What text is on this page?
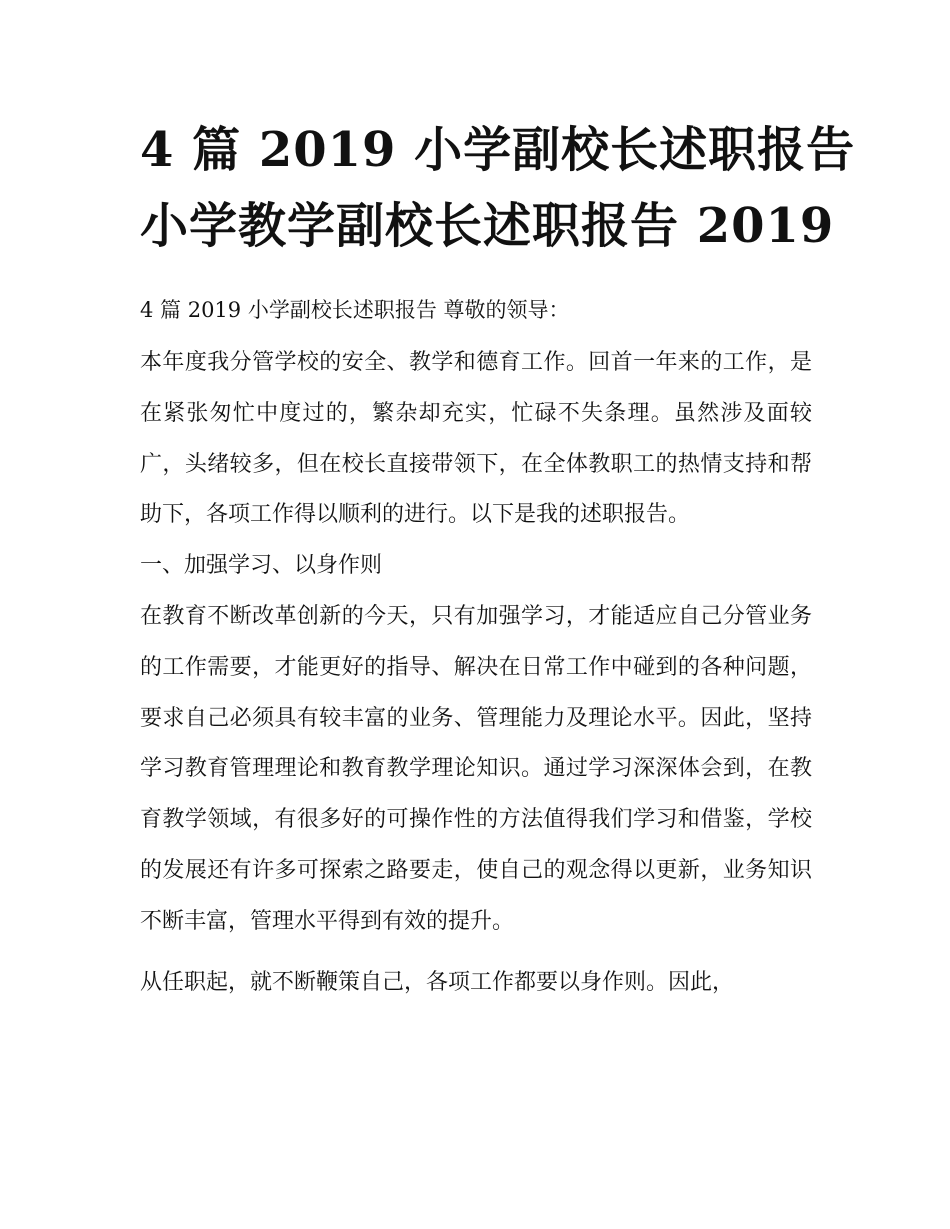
4 篇 2019 小学副校长述职报告
小学教学副校长述职报告 2019

4 篇 2019 小学副校长述职报告 尊敬的领导：

本年度我分管学校的安全、教学和德育工作。回首一年来的工作，是在紧张匆忙中度过的，繁杂却充实，忙碌不失条理。虽然涉及面较广，头绪较多，但在校长直接带领下，在全体教职工的热情支持和帮助下，各项工作得以顺利的进行。以下是我的述职报告。

一、加强学习、以身作则

在教育不断改革创新的今天，只有加强学习，才能适应自己分管业务的工作需要，才能更好的指导、解决在日常工作中碰到的各种问题，要求自己必须具有较丰富的业务、管理能力及理论水平。因此，坚持学习教育管理理论和教育教学理论知识。通过学习深深体会到，在教育教学领域，有很多好的可操作性的方法值得我们学习和借鉴，学校的发展还有许多可探索之路要走，使自己的观念得以更新，业务知识不断丰富，管理水平得到有效的提升。

从任职起，就不断鞭策自己，各项工作都要以身作则。因此，
